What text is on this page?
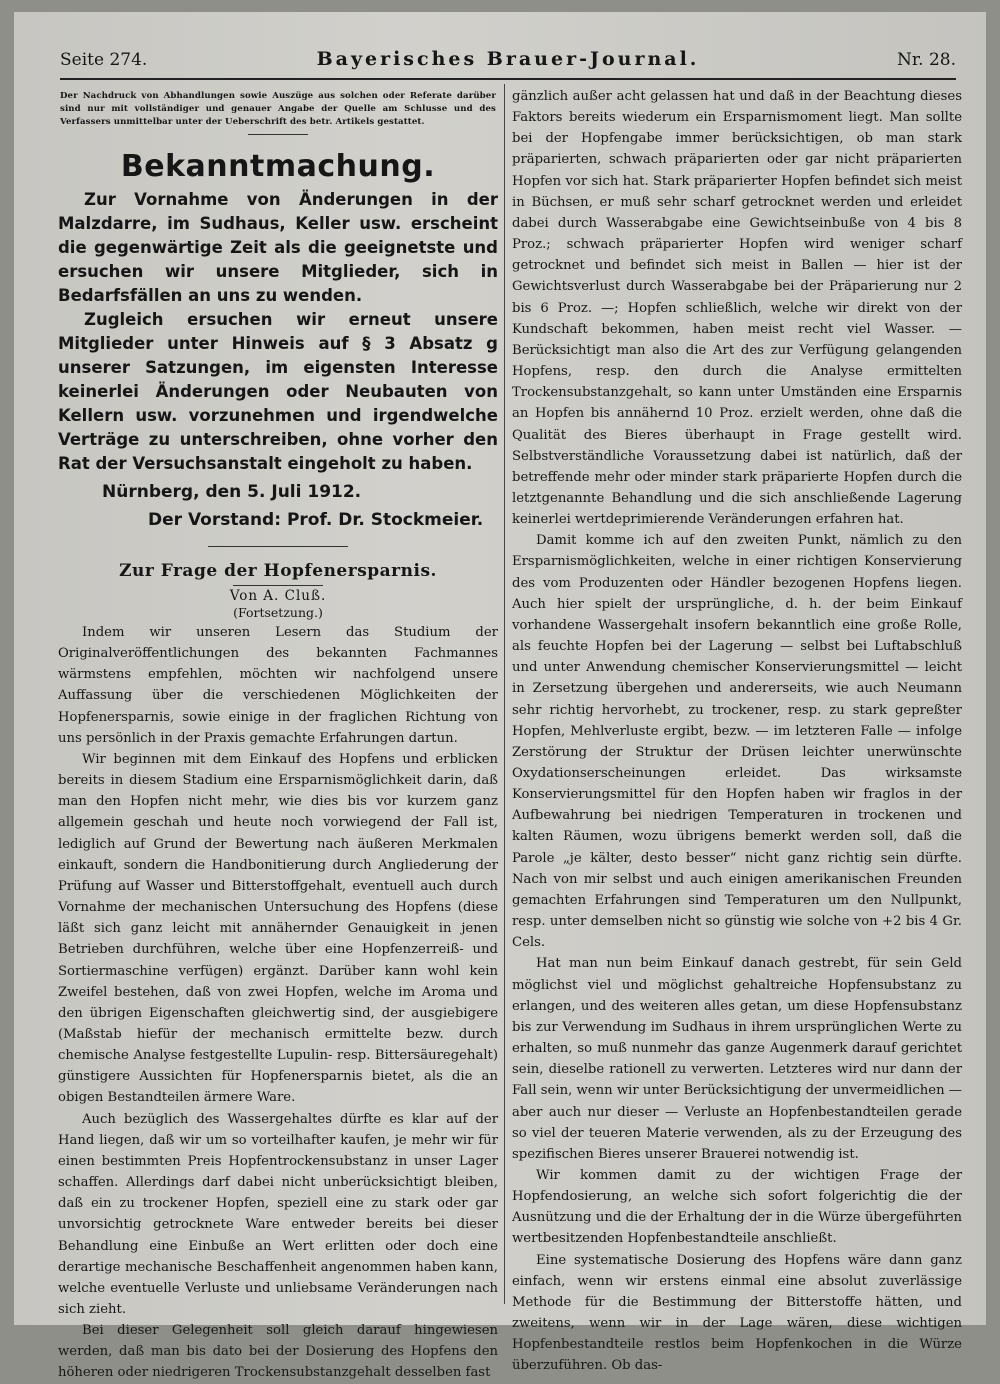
Seite 274.	Bayerisches Brauer-Journal.	Nr. 28.
Der Nachdruck von Abhandlungen sowie Auszüge aus solchen oder Referate darüber sind nur mit vollständiger und genauer Angabe der Quelle am Schlusse und des Verfassers unmittelbar unter der Ueberschrift des betr. Artikels gestattet.
Bekanntmachung.

Zur Vornahme von Änderungen in der Malzdarre, im Sudhaus, Keller usw. erscheint die gegenwärtige Zeit als die geeignetste und ersuchen wir unsere Mitglieder, sich in Bedarfsfällen an uns zu wenden.

Zugleich ersuchen wir erneut unsere Mitglieder unter Hinweis auf § 3 Absatz g unserer Satzungen, im eigensten Interesse keinerlei Änderungen oder Neubauten von Kellern usw. vorzunehmen und irgendwelche Verträge zu unterschreiben, ohne vorher den Rat der Versuchsanstalt eingeholt zu haben.

Nürnberg, den 5. Juli 1912.
Der Vorstand: Prof. Dr. Stockmeier.
Zur Frage der Hopfenersparnis.
Von A. Cluß.
(Fortsetzung.)

Indem wir unseren Lesern das Studium der Originalveröffentlichungen des bekannten Fachmannes wärmstens empfehlen, möchten wir nachfolgend unsere Auffassung über die verschiedenen Möglichkeiten der Hopfenersparnis, sowie einige in der fraglichen Richtung von uns persönlich in der Praxis gemachte Erfahrungen dartun.

Wir beginnen mit dem Einkauf des Hopfens und erblicken bereits in diesem Stadium eine Ersparnismöglichkeit darin, daß man den Hopfen nicht mehr, wie dies bis vor kurzem ganz allgemein geschah und heute noch vorwiegend der Fall ist, lediglich auf Grund der Bewertung nach äußeren Merkmalen einkauft, sondern die Handbonitierung durch Angliederung der Prüfung auf Wasser und Bitterstoffgehalt, eventuell auch durch Vornahme der mechanischen Untersuchung des Hopfens (diese läßt sich ganz leicht mit annähernder Genauigkeit in jenen Betrieben durchführen, welche über eine Hopfenzerreiß- und Sortiermaschine verfügen) ergänzt. Darüber kann wohl kein Zweifel bestehen, daß von zwei Hopfen, welche im Aroma und den übrigen Eigenschaften gleichwertig sind, der ausgiebigere (Maßstab hiefür der mechanisch ermittelte bezw. durch chemische Analyse festgestellte Lupulin- resp. Bittersäuregehalt) günstigere Aussichten für Hopfenersparnis bietet, als die an obigen Bestandteilen ärmere Ware.

Auch bezüglich des Wassergehaltes dürfte es klar auf der Hand liegen, daß wir um so vorteilhafter kaufen, je mehr wir für einen bestimmten Preis Hopfentrockensubstanz in unser Lager schaffen. Allerdings darf dabei nicht unberücksichtigt bleiben, daß ein zu trockener Hopfen, speziell eine zu stark oder gar unvorsichtig getrocknete Ware entweder bereits bei dieser Behandlung eine Einbuße an Wert erlitten oder doch eine derartige mechanische Beschaffenheit angenommen haben kann, welche eventuelle Verluste und unliebsame Veränderungen nach sich zieht.

Bei dieser Gelegenheit soll gleich darauf hingewiesen werden, daß man bis dato bei der Dosierung des Hopfens den höheren oder niedrigeren Trockensubstanzgehalt desselben fast

gänzlich außer acht gelassen hat und daß in der Beachtung dieses Faktors bereits wiederum ein Ersparnismoment liegt. Man sollte bei der Hopfengabe immer berücksichtigen, ob man stark präparierten, schwach präparierten oder gar nicht präparierten Hopfen vor sich hat. Stark präparierter Hopfen befindet sich meist in Büchsen, er muß sehr scharf getrocknet werden und erleidet dabei durch Wasserabgabe eine Gewichtseinbuße von 4 bis 8 Proz.; schwach präparierter Hopfen wird weniger scharf getrocknet und befindet sich meist in Ballen — hier ist der Gewichtsverlust durch Wasserabgabe bei der Präparierung nur 2 bis 6 Proz. —; Hopfen schließlich, welche wir direkt von der Kundschaft bekommen, haben meist recht viel Wasser. — Berücksichtigt man also die Art des zur Verfügung gelangenden Hopfens, resp. den durch die Analyse ermittelten Trockensubstanzgehalt, so kann unter Umständen eine Ersparnis an Hopfen bis annähernd 10 Proz. erzielt werden, ohne daß die Qualität des Bieres überhaupt in Frage gestellt wird. Selbstverständliche Voraussetzung dabei ist natürlich, daß der betreffende mehr oder minder stark präparierte Hopfen durch die letztgenannte Behandlung und die sich anschließende Lagerung keinerlei wertdeprimierende Veränderungen erfahren hat.

Damit komme ich auf den zweiten Punkt, nämlich zu den Ersparnismöglichkeiten, welche in einer richtigen Konservierung des vom Produzenten oder Händler bezogenen Hopfens liegen. Auch hier spielt der ursprüngliche, d. h. der beim Einkauf vorhandene Wassergehalt insofern bekanntlich eine große Rolle, als feuchte Hopfen bei der Lagerung — selbst bei Luftabschluß und unter Anwendung chemischer Konservierungsmittel — leicht in Zersetzung übergehen und andererseits, wie auch Neumann sehr richtig hervorhebt, zu trockener, resp. zu stark gepreßter Hopfen, Mehlverluste ergibt, bezw. — im letzteren Falle — infolge Zerstörung der Struktur der Drüsen leichter unerwünschte Oxydationserscheinungen erleidet. Das wirksamste Konservierungsmittel für den Hopfen haben wir fraglos in der Aufbewahrung bei niedrigen Temperaturen in trockenen und kalten Räumen, wozu übrigens bemerkt werden soll, daß die Parole „je kälter, desto besser“ nicht ganz richtig sein dürfte. Nach von mir selbst und auch einigen amerikanischen Freunden gemachten Erfahrungen sind Temperaturen um den Nullpunkt, resp. unter demselben nicht so günstig wie solche von +2 bis 4 Gr. Cels.

Hat man nun beim Einkauf danach gestrebt, für sein Geld möglichst viel und möglichst gehaltreiche Hopfensubstanz zu erlangen, und des weiteren alles getan, um diese Hopfensubstanz bis zur Verwendung im Sudhaus in ihrem ursprünglichen Werte zu erhalten, so muß nunmehr das ganze Augenmerk darauf gerichtet sein, dieselbe rationell zu verwerten. Letzteres wird nur dann der Fall sein, wenn wir unter Berücksichtigung der unvermeidlichen — aber auch nur dieser — Verluste an Hopfenbestandteilen gerade so viel der teueren Materie verwenden, als zu der Erzeugung des spezifischen Bieres unserer Brauerei notwendig ist.

Wir kommen damit zu der wichtigen Frage der Hopfendosierung, an welche sich sofort folgerichtig die der Ausnützung und die der Erhaltung der in die Würze übergeführten wertbesitzenden Hopfenbestandteile anschließt.

Eine systematische Dosierung des Hopfens wäre dann ganz einfach, wenn wir erstens einmal eine absolut zuverlässige Methode für die Bestimmung der Bitterstoffe hätten, und zweitens, wenn wir in der Lage wären, diese wichtigen Hopfenbestandteile restlos beim Hopfenkochen in die Würze überzuführen. Ob das-
